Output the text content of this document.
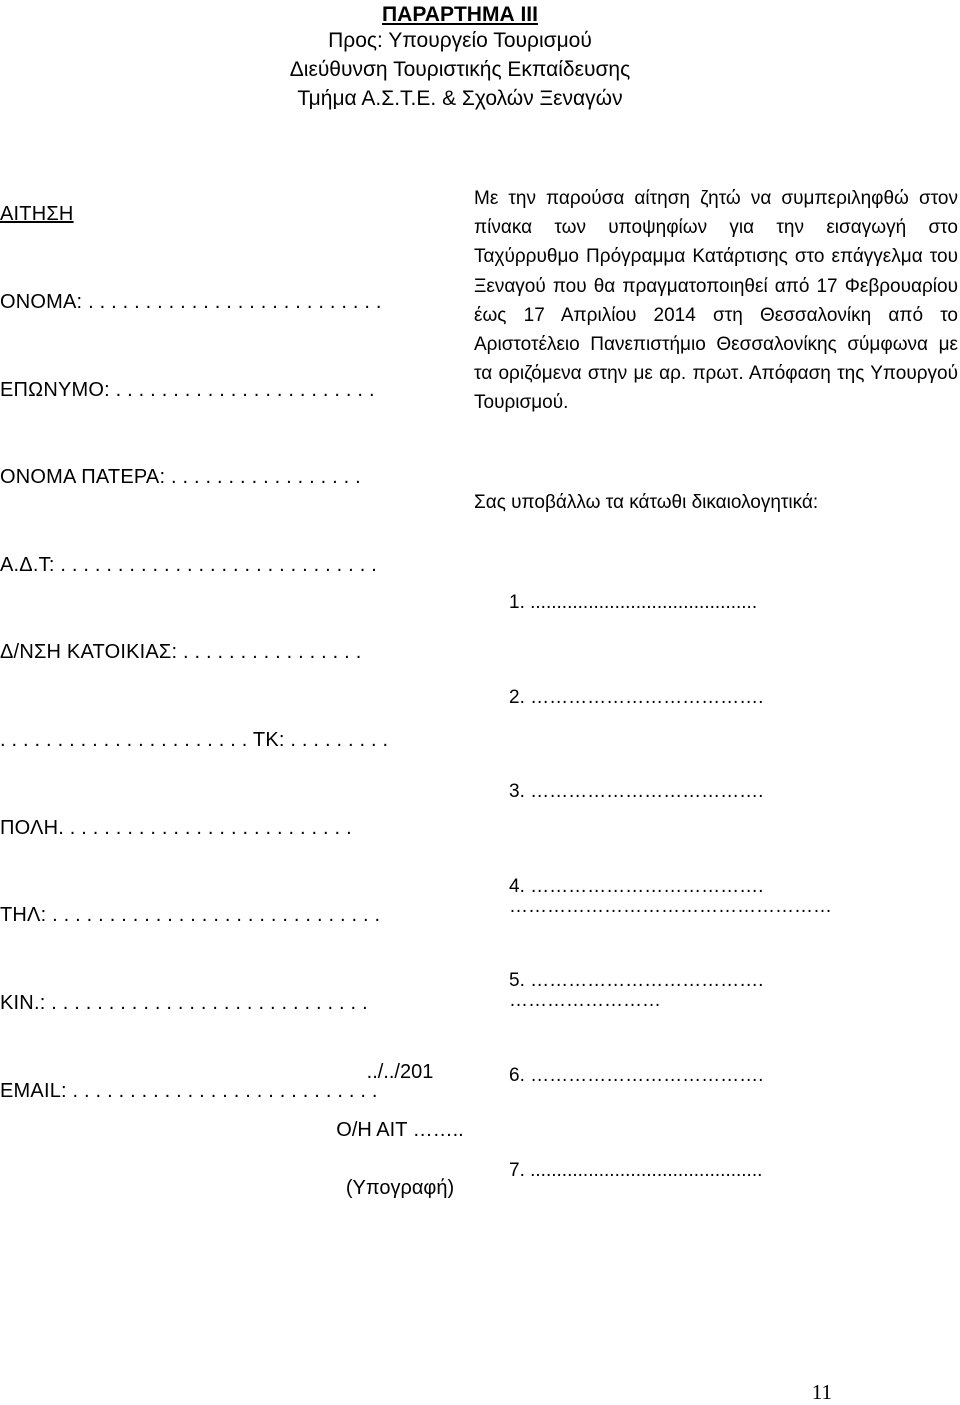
ΠΑΡΑΡΤΗΜΑ ΙΙΙ
Προς: Υπουργείο Τουρισμού
Διεύθυνση Τουριστικής Εκπαίδευσης
Τμήμα Α.Σ.Τ.Ε. & Σχολών Ξεναγών

ΑΙΤΗΣΗ

ΟΝΟΜΑ: . . . . . . . . . . . . . . . . . . . . . . . . . .

ΕΠΩΝΥΜΟ: . . . . . . . . . . . . . . . . . . . . . . .

ΟΝΟΜΑ ΠΑΤΕΡΑ: . . . . . . . . . . . . . . . . .

Α.Δ.Τ: . . . . . . . . . . . . . . . . . . . . . . . . . . . .

Δ/ΝΣΗ ΚΑΤΟΙΚΙΑΣ: . . . . . . . . . . . . . . . .

. . . . . . . . . . . . . . . . . . . . . . ΤΚ: . . . . . . . . .

ΠΟΛΗ. . . . . . . . . . . . . . . . . . . . . . . . . .

ΤΗΛ: . . . . . . . . . . . . . . . . . . . . . . . . . . . . .

ΚΙΝ.: . . . . . . . . . . . . . . . . . . . . . . . . . . . .

EMAIL: . . . . . . . . . . . . . . . . . . . . . . . . . . .

Με την παρούσα αίτηση ζητώ να συμπεριληφθώ στον πίνακα των υποψηφίων για την εισαγωγή στο Ταχύρρυθμο Πρόγραμμα Κατάρτισης στο επάγγελμα του Ξεναγού που θα πραγματοποιηθεί από 17 Φεβρουαρίου έως 17 Απριλίου 2014 στη Θεσσαλονίκη από το Αριστοτέλειο Πανεπιστήμιο Θεσσαλονίκης σύμφωνα με τα οριζόμενα στην με αρ. πρωτ. Απόφαση της Υπουργού Τουρισμού.
Σας υποβάλλω τα κάτωθι δικαιολογητικά:

1. ...........................................

2. ……………………………….

3. ……………………………….

4. ……………………………….

5. ……………………………….

6. ……………………………….

7. ............................................

……………………………………………

……………………

../../201
Ο/Η ΑΙΤ ……..
(Υπογραφή)
11
